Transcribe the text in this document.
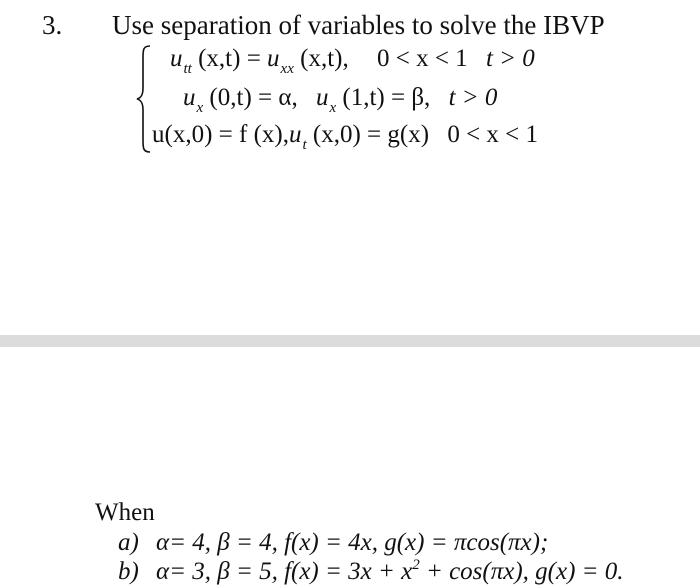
3. Use separation of variables to solve the IBVP
$u_{tt}$ $(x,t) = u_{xx}$ (x,t), 0 < x < 1 t > 0
$u_x$ (0,t) = α, $u_x$ (1,t) = β, t > 0
u(x,0) = f $(x),u_t$ (x,0) = g(x) 0 < x < 1
When
a) α= 4, β = 4, f(x) = 4x, g(x) = πcos(πx);
b) α= 3, β = 5, $f(x) = 3x + x^2 + \cos(\pi x)$, g(x) = 0.
